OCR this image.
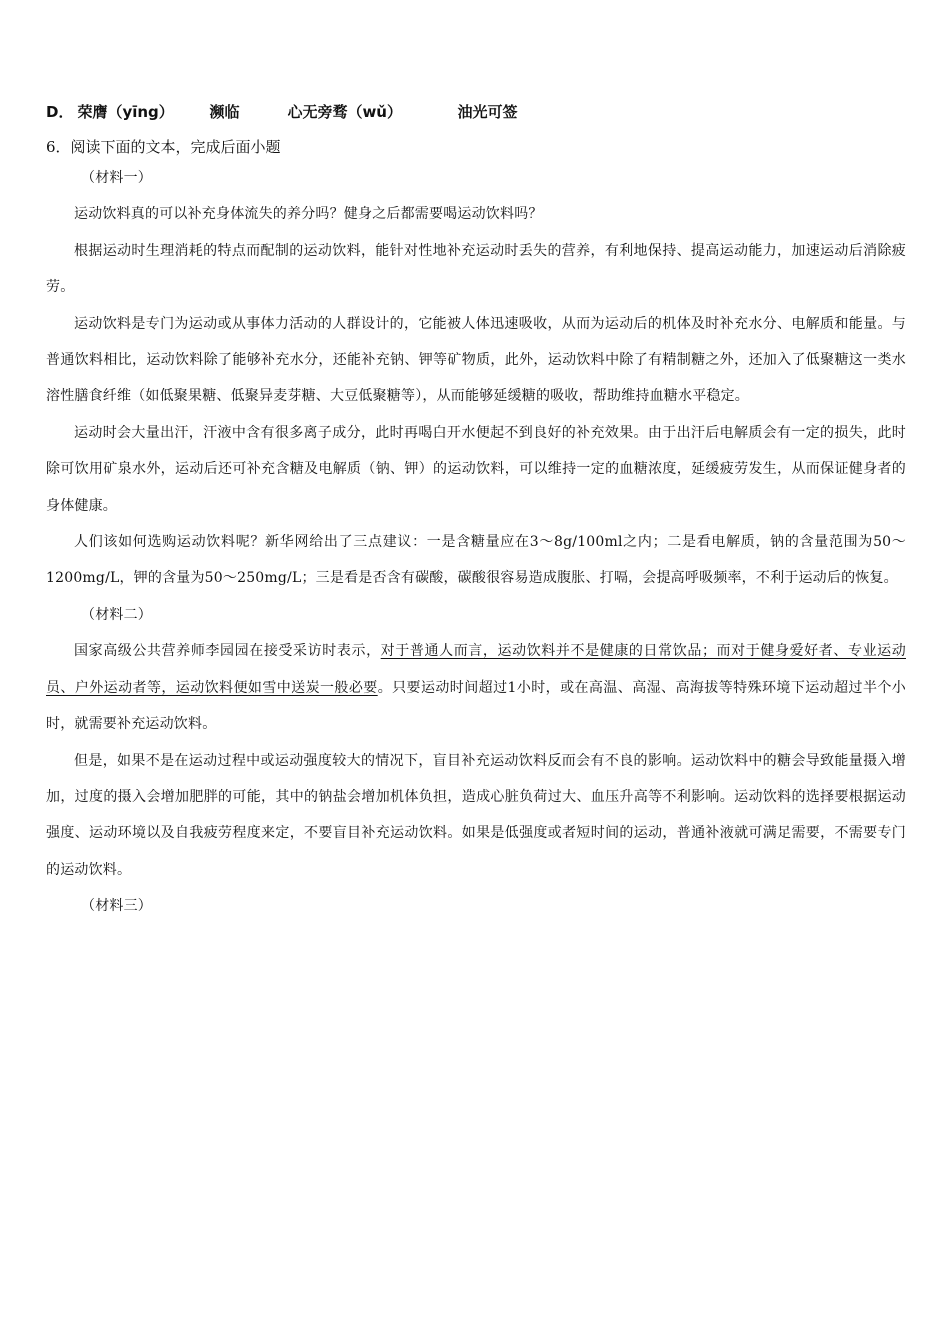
D． 荣膺（yīng） 濒临	心无旁骛（wǔ）	油光可签
6．阅读下面的文本，完成后面小题

（材料一）

运动饮料真的可以补充身体流失的养分吗？健身之后都需要喝运动饮料吗？

根据运动时生理消耗的特点而配制的运动饮料，能针对性地补充运动时丢失的营养，有利地保持、提高运动能力，加速运动后消除疲劳。

运动饮料是专门为运动或从事体力活动的人群设计的，它能被人体迅速吸收，从而为运动后的机体及时补充水分、电解质和能量。与普通饮料相比，运动饮料除了能够补充水分，还能补充钠、钾等矿物质，此外，运动饮料中除了有精制糖之外，还加入了低聚糖这一类水溶性膳食纤维（如低聚果糖、低聚异麦芽糖、大豆低聚糖等），从而能够延缓糖的吸收，帮助维持血糖水平稳定。

运动时会大量出汗，汗液中含有很多离子成分，此时再喝白开水便起不到良好的补充效果。由于出汗后电解质会有一定的损失，此时除可饮用矿泉水外，运动后还可补充含糖及电解质（钠、钾）的运动饮料，可以维持一定的血糖浓度，延缓疲劳发生，从而保证健身者的身体健康。

人们该如何选购运动饮料呢？新华网给出了三点建议：一是含糖量应在3～8g/100ml之内；二是看电解质，钠的含量范围为50～1200mg/L，钾的含量为50～250mg/L；三是看是否含有碳酸，碳酸很容易造成腹胀、打嗝，会提高呼吸频率，不利于运动后的恢复。

（材料二）

国家高级公共营养师李园园在接受采访时表示，对于普通人而言，运动饮料并不是健康的日常饮品；而对于健身爱好者、专业运动员、户外运动者等，运动饮料便如雪中送炭一般必要。只要运动时间超过1小时，或在高温、高湿、高海拔等特殊环境下运动超过半个小时，就需要补充运动饮料。

但是，如果不是在运动过程中或运动强度较大的情况下，盲目补充运动饮料反而会有不良的影响。运动饮料中的糖会导致能量摄入增加，过度的摄入会增加肥胖的可能，其中的钠盐会增加机体负担，造成心脏负荷过大、血压升高等不利影响。运动饮料的选择要根据运动强度、运动环境以及自我疲劳程度来定，不要盲目补充运动饮料。如果是低强度或者短时间的运动，普通补液就可满足需要，不需要专门的运动饮料。

（材料三）
